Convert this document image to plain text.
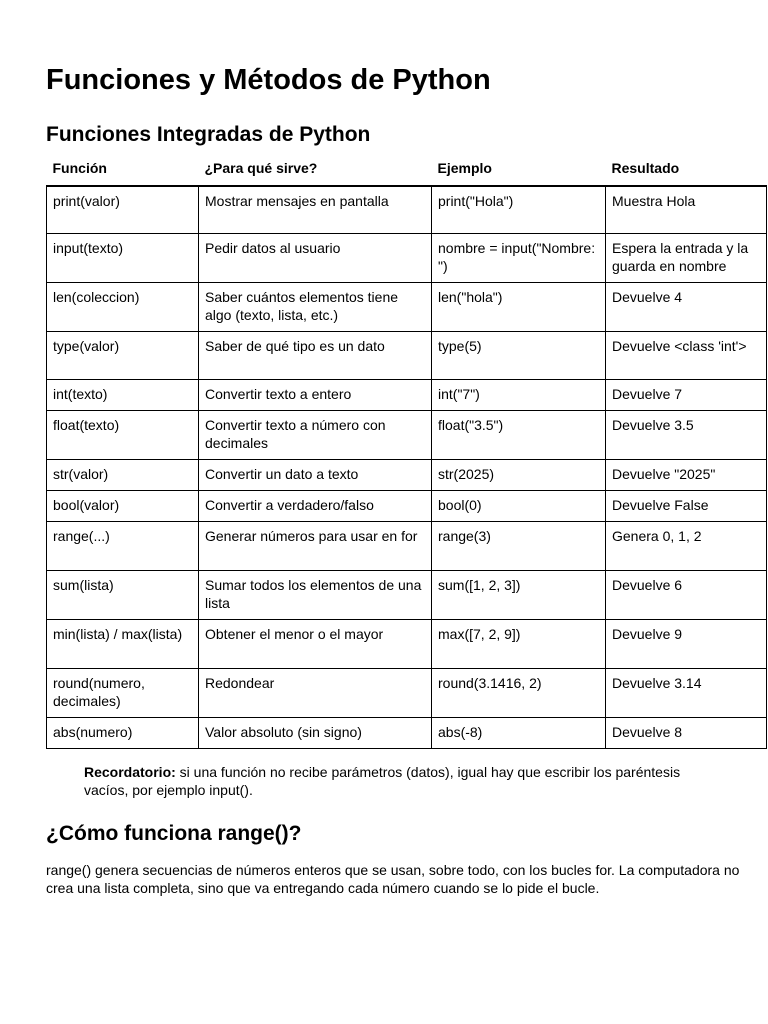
Funciones y Métodos de Python
Funciones Integradas de Python
Función	¿Para qué sirve?	Ejemplo	Resultado
print(valor)	Mostrar mensajes en pantalla	print("Hola")	Muestra Hola
input(texto)	Pedir datos al usuario	nombre = input("Nombre: ")	Espera la entrada y la guarda en nombre
len(coleccion)	Saber cuántos elementos tiene algo (texto, lista, etc.)	len("hola")	Devuelve 4
type(valor)	Saber de qué tipo es un dato	type(5)	Devuelve <class 'int'>
int(texto)	Convertir texto a entero	int("7")	Devuelve 7
float(texto)	Convertir texto a número con decimales	float("3.5")	Devuelve 3.5
str(valor)	Convertir un dato a texto	str(2025)	Devuelve "2025"
bool(valor)	Convertir a verdadero/falso	bool(0)	Devuelve False
range(...)	Generar números para usar en for	range(3)	Genera 0, 1, 2
sum(lista)	Sumar todos los elementos de una lista	sum([1, 2, 3])	Devuelve 6
min(lista) / max(lista)	Obtener el menor o el mayor	max([7, 2, 9])	Devuelve 9
round(numero, decimales)	Redondear	round(3.1416, 2)	Devuelve 3.14
abs(numero)	Valor absoluto (sin signo)	abs(-8)	Devuelve 8
Recordatorio: si una función no recibe parámetros (datos), igual hay que escribir los paréntesis vacíos, por ejemplo input().
¿Cómo funciona range()?

range() genera secuencias de números enteros que se usan, sobre todo, con los bucles for. La computadora no crea una lista completa, sino que va entregando cada número cuando se lo pide el bucle.
